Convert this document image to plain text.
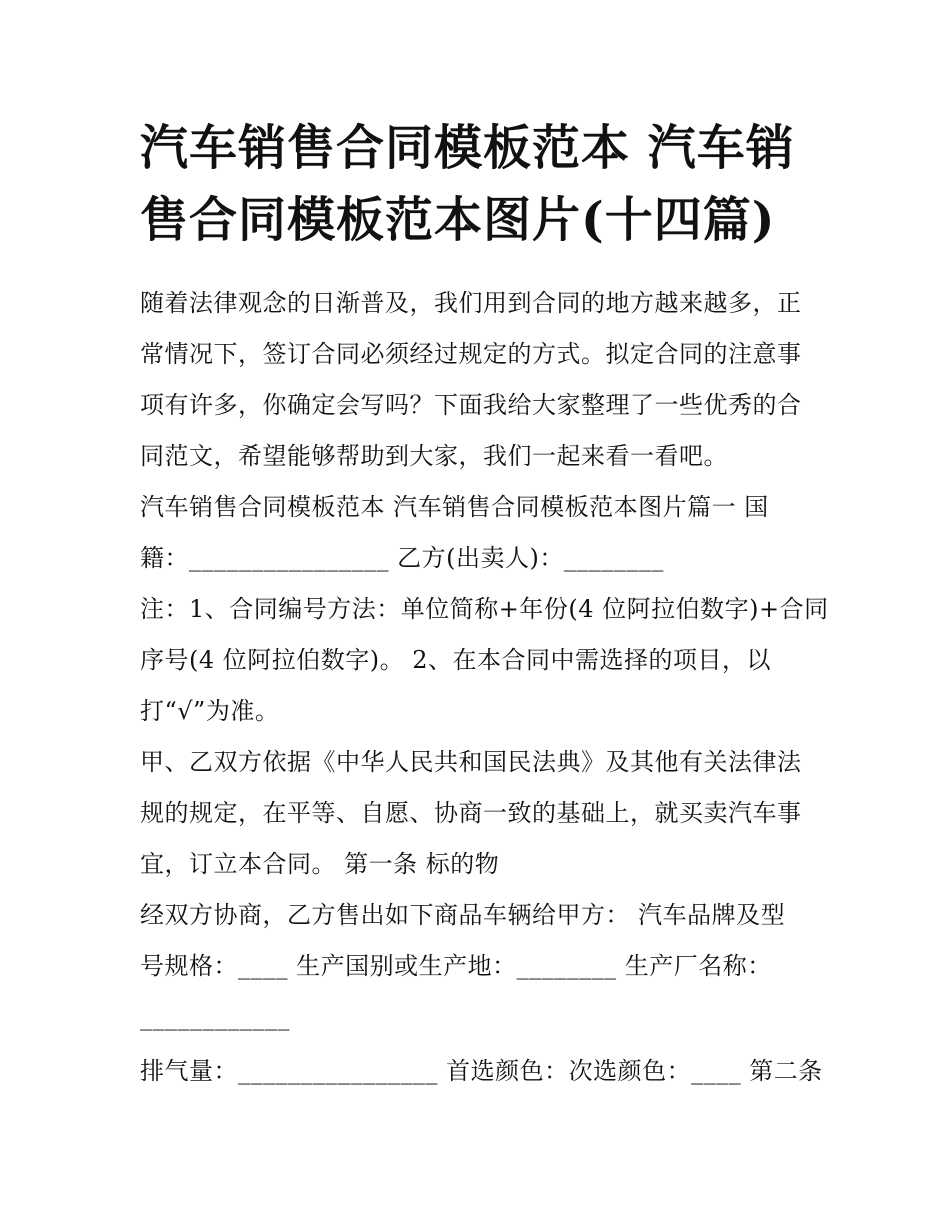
汽车销售合同模板范本 汽车销
售合同模板范本图片(十四篇)
随着法律观念的日渐普及，我们用到合同的地方越来越多，正
常情况下，签订合同必须经过规定的方式。拟定合同的注意事
项有许多，你确定会写吗？下面我给大家整理了一些优秀的合
同范文，希望能够帮助到大家，我们一起来看一看吧。
汽车销售合同模板范本 汽车销售合同模板范本图片篇一 国
籍：________________ 乙方(出卖人)：________
注：1、合同编号方法：单位简称+年份(4 位阿拉伯数字)+合同
序号(4 位阿拉伯数字)。 2、在本合同中需选择的项目，以
打“√”为准。
甲、乙双方依据《中华人民共和国民法典》及其他有关法律法
规的规定，在平等、自愿、协商一致的基础上，就买卖汽车事
宜，订立本合同。 第一条 标的物
经双方协商，乙方售出如下商品车辆给甲方： 汽车品牌及型
号规格：____ 生产国别或生产地：________ 生产厂名称：
____________
排气量：________________ 首选颜色：次选颜色：____ 第二条
